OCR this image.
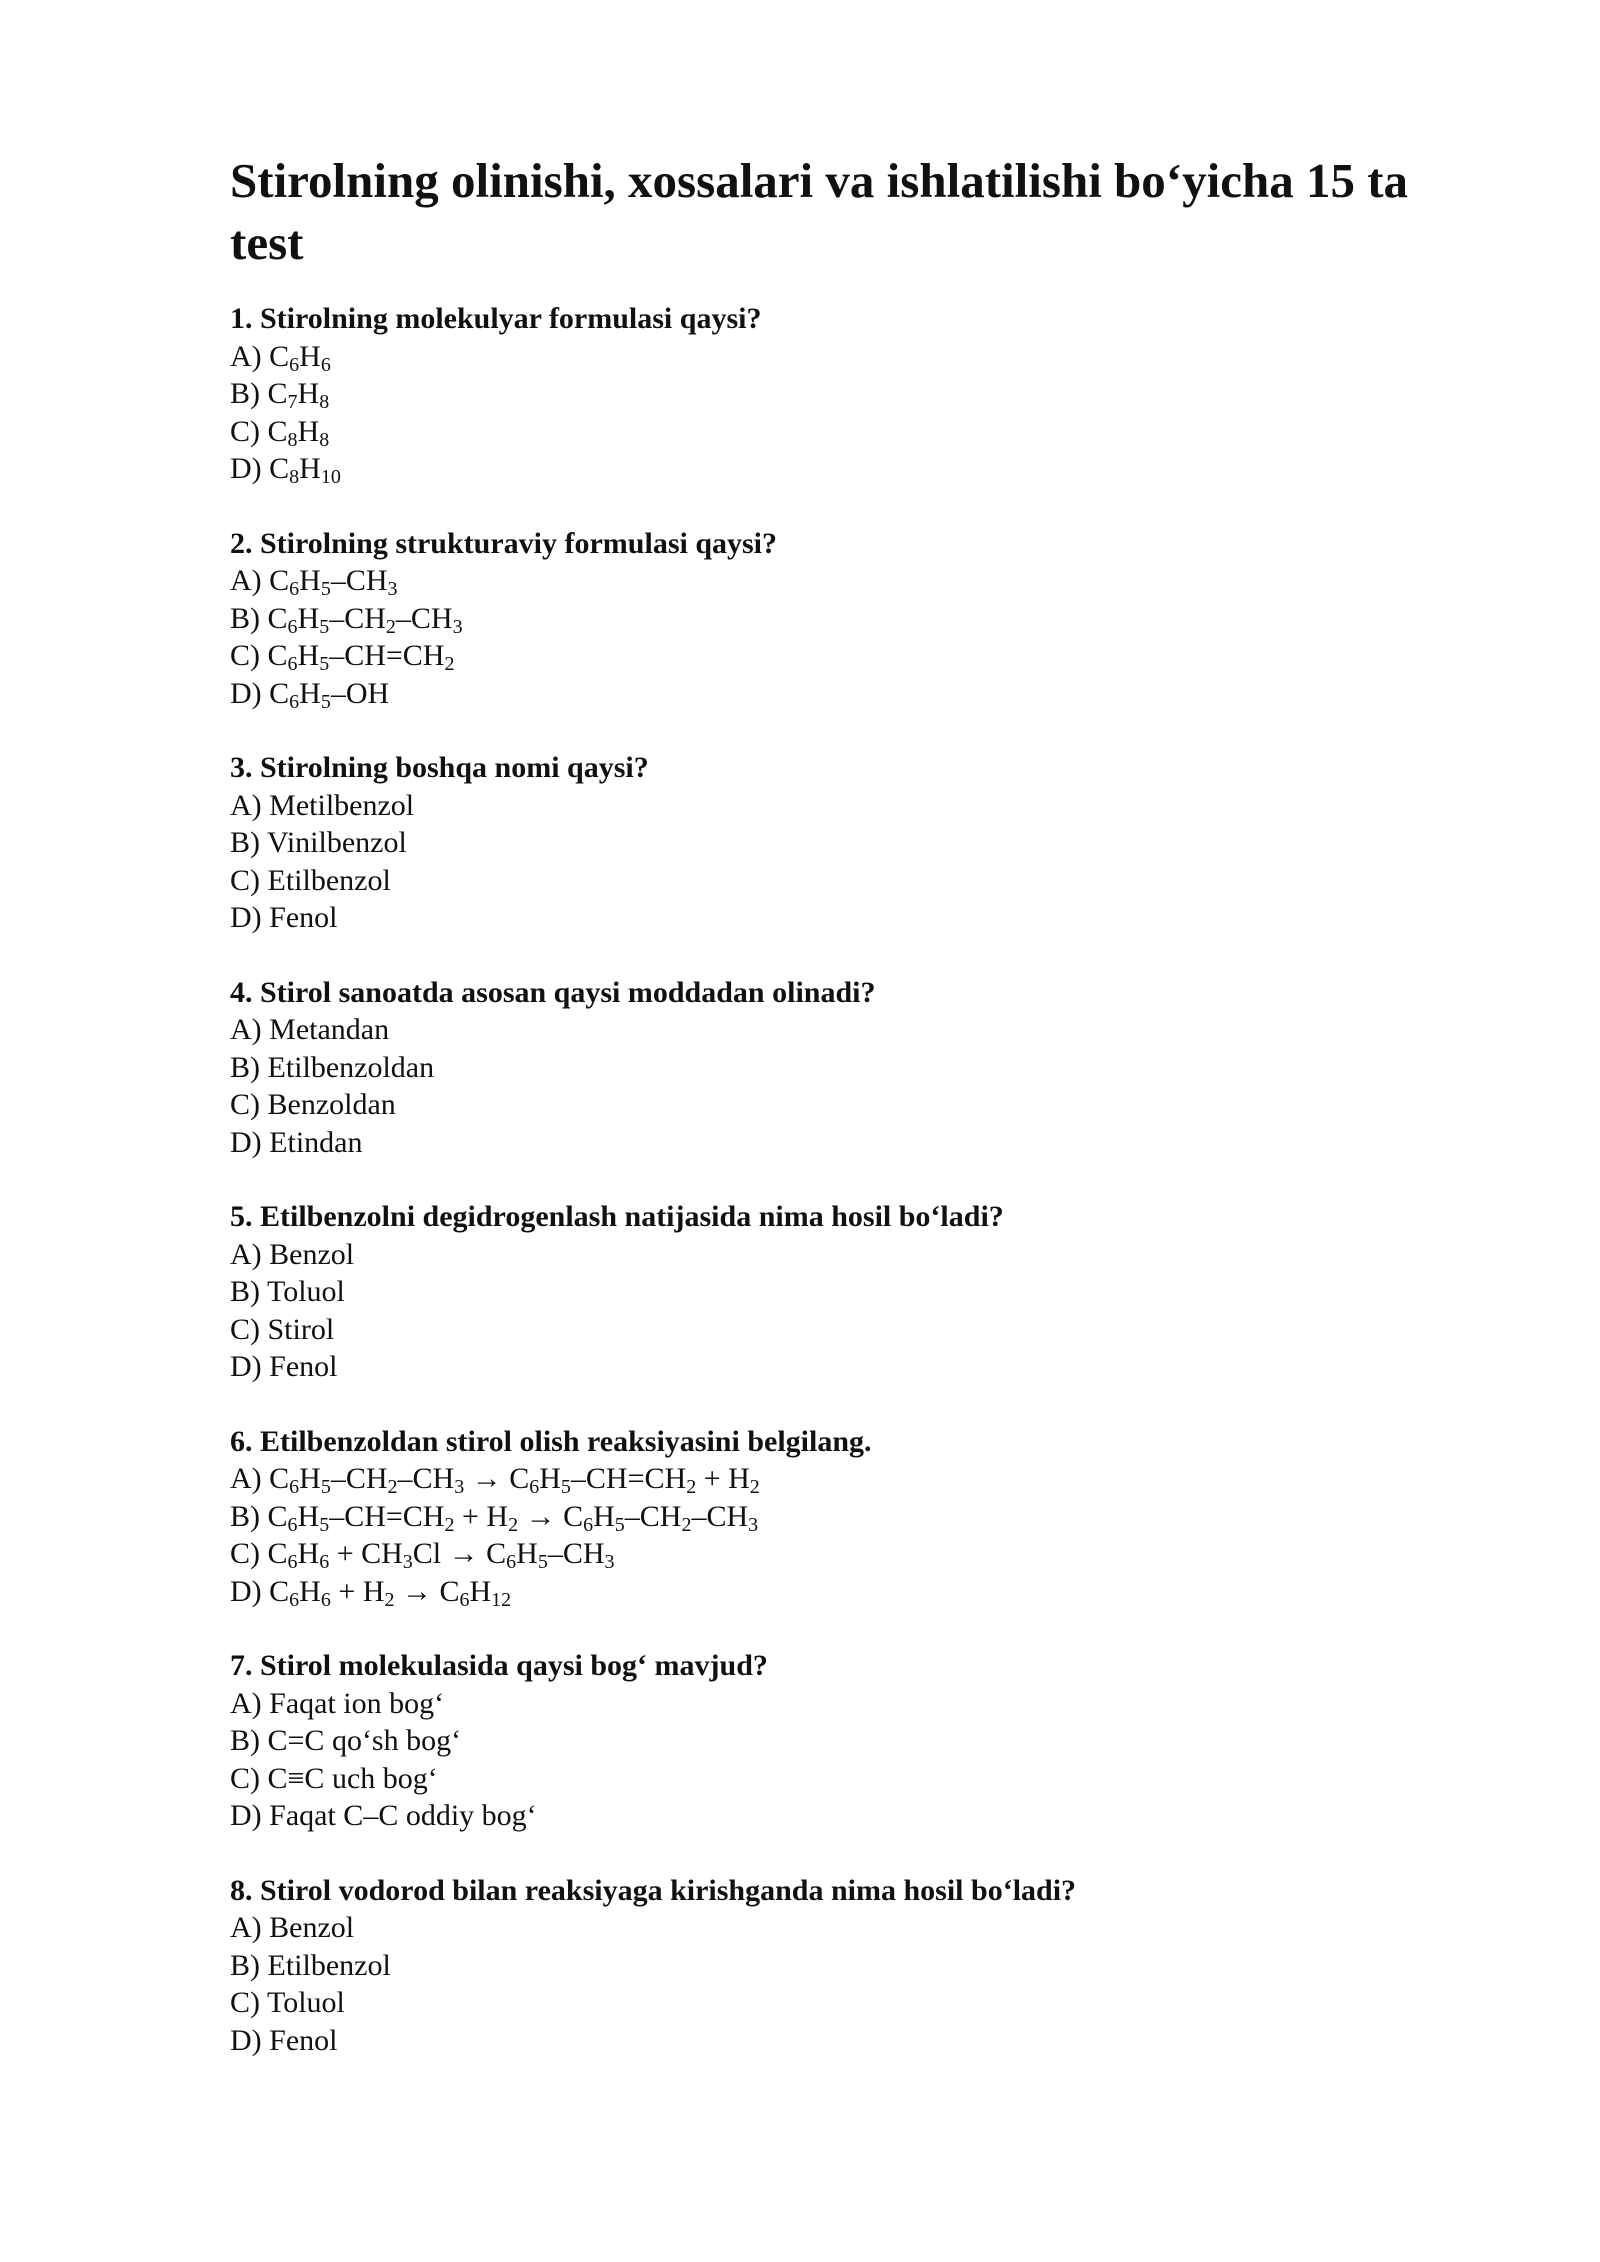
Stirolning olinishi, xossalari va ishlatilishi bo‘yicha 15 ta test
1. Stirolning molekulyar formulasi qaysi?
A) $C_6H_6$
B) $C_7H_8$
C) $C_8H_8$
D) $C_8H_{10}$
2. Stirolning strukturaviy formulasi qaysi?
A) $C_6H_5-CH_3$
B) $C_6H_5-CH_2-CH_3$
C) $C_6H_5-CH=CH_2$
D) $C_6H_5-OH$
3. Stirolning boshqa nomi qaysi?
A) Metilbenzol
B) Vinilbenzol
C) Etilbenzol
D) Fenol
4. Stirol sanoatda asosan qaysi moddadan olinadi?
A) Metandan
B) Etilbenzoldan
C) Benzoldan
D) Etindan
5. Etilbenzolni degidrogenlash natijasida nima hosil bo‘ladi?
A) Benzol
B) Toluol
C) Stirol
D) Fenol
6. Etilbenzoldan stirol olish reaksiyasini belgilang.
A) $C_6H_5-CH_2-CH_3 \to C_6H_5-CH=CH_2 + H_2$
B) $C_6H_5-CH=CH_2 + H_2 \to C_6H_5-CH_2-CH_3$
C) $C_6H_6 + CH_3Cl \to C_6H_5-CH_3$
D) $C_6H_6 + H_2 \to C_6H_{12}$
7. Stirol molekulasida qaysi bog‘ mavjud?
A) Faqat ion bog‘
B) C=C qo‘sh bog‘
C) C≡C uch bog‘
D) Faqat C–C oddiy bog‘
8. Stirol vodorod bilan reaksiyaga kirishganda nima hosil bo‘ladi?
A) Benzol
B) Etilbenzol
C) Toluol
D) Fenol
